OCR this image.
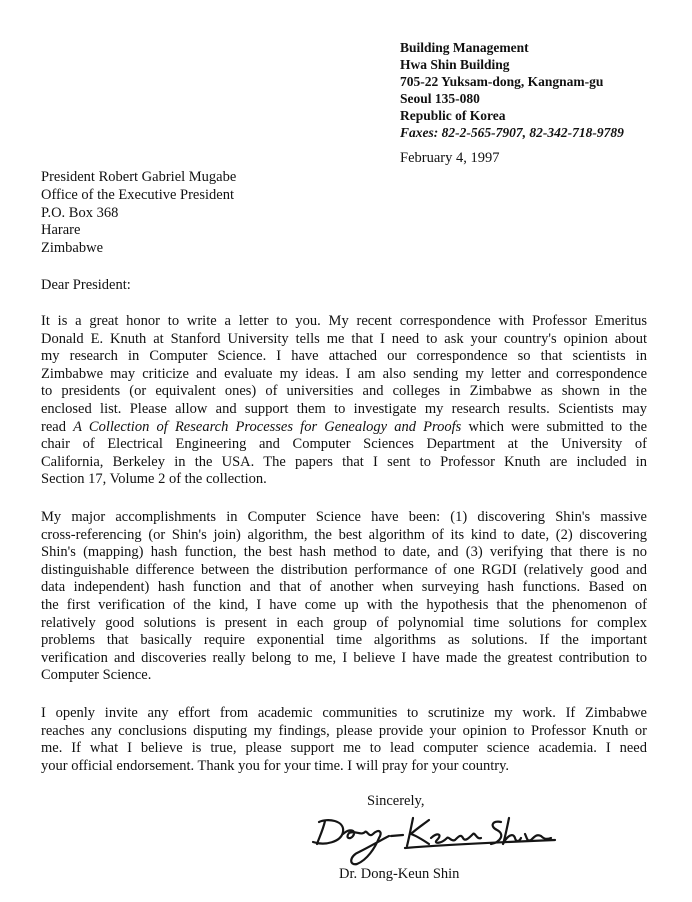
Building Management
Hwa Shin Building
705-22 Yuksam-dong, Kangnam-gu
Seoul 135-080
Republic of Korea
Faxes: 82-2-565-7907, 82-342-718-9789
February 4, 1997
President Robert Gabriel Mugabe
Office of the Executive President
P.O. Box 368
Harare
Zimbabwe
Dear President:
It is a great honor to write a letter to you. My recent correspondence with Professor Emeritus
Donald E. Knuth at Stanford University tells me that I need to ask your country's opinion about
my research in Computer Science. I have attached our correspondence so that scientists in
Zimbabwe may criticize and evaluate my ideas. I am also sending my letter and correspondence
to presidents (or equivalent ones) of universities and colleges in Zimbabwe as shown in the
enclosed list. Please allow and support them to investigate my research results. Scientists may
read A Collection of Research Processes for Genealogy and Proofs which were submitted to the
chair of Electrical Engineering and Computer Sciences Department at the University of
California, Berkeley in the USA. The papers that I sent to Professor Knuth are included in
Section 17, Volume 2 of the collection.
My major accomplishments in Computer Science have been: (1) discovering Shin's massive
cross-referencing (or Shin's join) algorithm, the best algorithm of its kind to date, (2) discovering
Shin's (mapping) hash function, the best hash method to date, and (3) verifying that there is no
distinguishable difference between the distribution performance of one RGDI (relatively good and
data independent) hash function and that of another when surveying hash functions. Based on
the first verification of the kind, I have come up with the hypothesis that the phenomenon of
relatively good solutions is present in each group of polynomial time solutions for complex
problems that basically require exponential time algorithms as solutions. If the important
verification and discoveries really belong to me, I believe I have made the greatest contribution to
Computer Science.
I openly invite any effort from academic communities to scrutinize my work. If Zimbabwe
reaches any conclusions disputing my findings, please provide your opinion to Professor Knuth or
me. If what I believe is true, please support me to lead computer science academia. I need
your official endorsement. Thank you for your time. I will pray for your country.
Sincerely,
Dr. Dong-Keun Shin
